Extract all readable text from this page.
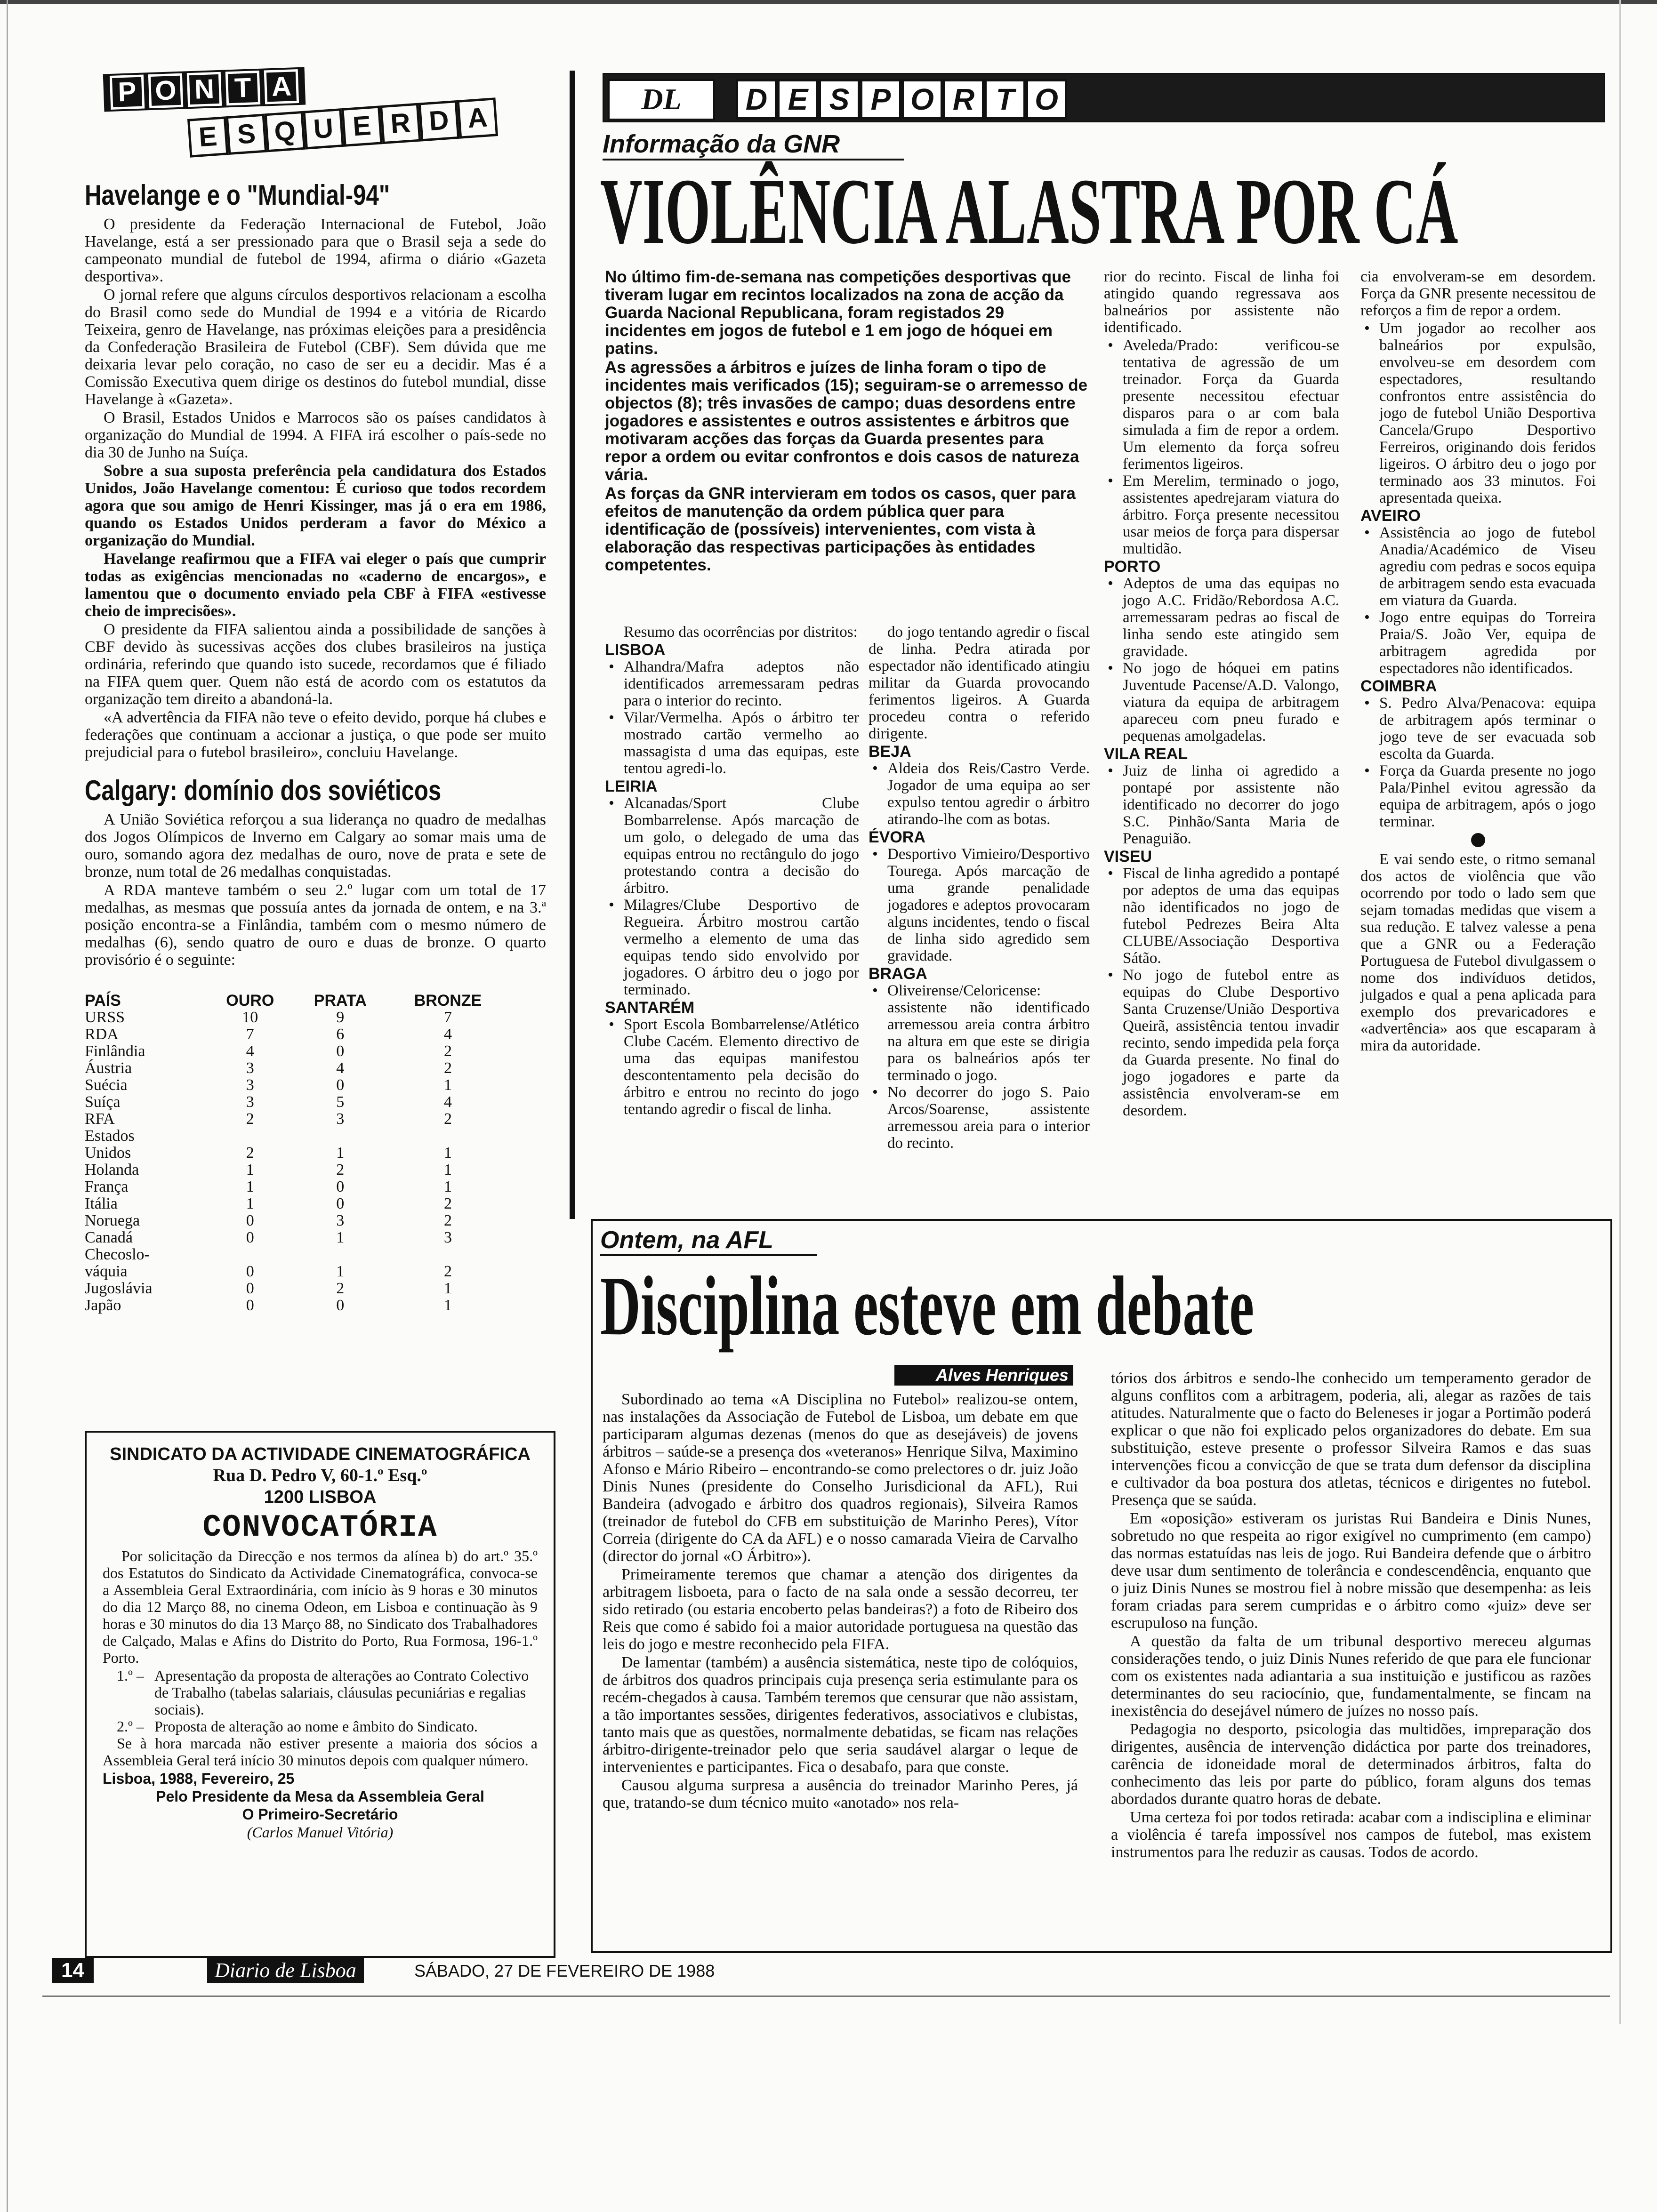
P O N T A
E S Q U E R D A
Havelange e o "Mundial-94"

O presidente da Federação Internacional de Futebol, João Havelange, está a ser pressionado para que o Brasil seja a sede do campeonato mundial de futebol de 1994, afirma o diário «Gazeta desportiva».

O jornal refere que alguns círculos desportivos relacionam a escolha do Brasil como sede do Mundial de 1994 e a vitória de Ricardo Teixeira, genro de Havelange, nas próximas eleições para a presidência da Confederação Brasileira de Futebol (CBF). Sem dúvida que me deixaria levar pelo coração, no caso de ser eu a decidir. Mas é a Comissão Executiva quem dirige os destinos do futebol mundial, disse Havelange à «Gazeta».

O Brasil, Estados Unidos e Marrocos são os países candidatos à organização do Mundial de 1994. A FIFA irá escolher o país-sede no dia 30 de Junho na Suíça.

Sobre a sua suposta preferência pela candidatura dos Estados Unidos, João Havelange comentou: É curioso que todos recordem agora que sou amigo de Henri Kissinger, mas já o era em 1986, quando os Estados Unidos perderam a favor do México a organização do Mundial.

Havelange reafirmou que a FIFA vai eleger o país que cumprir todas as exigências mencionadas no «caderno de encargos», e lamentou que o documento enviado pela CBF à FIFA «estivesse cheio de imprecisões».

O presidente da FIFA salientou ainda a possibilidade de sanções à CBF devido às sucessivas acções dos clubes brasileiros na justiça ordinária, referindo que quando isto sucede, recordamos que é filiado na FIFA quem quer. Quem não está de acordo com os estatutos da organização tem direito a abandoná-la.

«A advertência da FIFA não teve o efeito devido, porque há clubes e federações que continuam a accionar a justiça, o que pode ser muito prejudicial para o futebol brasileiro», concluiu Havelange.

Calgary: domínio dos soviéticos

A União Soviética reforçou a sua liderança no quadro de medalhas dos Jogos Olímpicos de Inverno em Calgary ao somar mais uma de ouro, somando agora dez medalhas de ouro, nove de prata e sete de bronze, num total de 26 medalhas conquistadas.

A RDA manteve também o seu 2.º lugar com um total de 17 medalhas, as mesmas que possuía antes da jornada de ontem, e na 3.ª posição encontra-se a Finlândia, também com o mesmo número de medalhas (6), sendo quatro de ouro e duas de bronze. O quarto provisório é o seguinte:

PAÍS	OURO	PRATA	BRONZE
URSS	10	9	7
RDA	7	6	4
Finlândia	4	0	2
Áustria	3	4	2
Suécia	3	0	1
Suíça	3	5	4
RFA	2	3	2
Estados			
Unidos	2	1	1
Holanda	1	2	1
França	1	0	1
Itália	1	0	2
Noruega	0	3	2
Canadá	0	1	3
Checoslo-			
váquia	0	1	2
Jugoslávia	0	2	1
Japão	0	0	1
SINDICATO DA ACTIVIDADE CINEMATOGRÁFICA
Rua D. Pedro V, 60-1.º Esq.º
1200 LISBOA
CONVOCATÓRIA

Por solicitação da Direcção e nos termos da alínea b) do art.º 35.º dos Estatutos do Sindicato da Actividade Cinematográfica, convoca-se a Assembleia Geral Extraordinária, com início às 9 horas e 30 minutos do dia 12 Março 88, no cinema Odeon, em Lisboa e continuação às 9 horas e 30 minutos do dia 13 Março 88, no Sindicato dos Trabalhadores de Calçado, Malas e Afins do Distrito do Porto, Rua Formosa, 196-1.º Porto.

1.º – Apresentação da proposta de alterações ao Contrato Colectivo de Trabalho (tabelas salariais, cláusulas pecuniárias e regalias sociais).
2.º – Proposta de alteração ao nome e âmbito do Sindicato.

Se à hora marcada não estiver presente a maioria dos sócios a Assembleia Geral terá início 30 minutos depois com qualquer número.

Lisboa, 1988, Fevereiro, 25
Pelo Presidente da Mesa da Assembleia Geral
O Primeiro-Secretário
(Carlos Manuel Vitória)
DL	D E S P O R T O
Informação da GNR
VIOLÊNCIA ALASTRA POR CÁ

No último fim-de-semana nas competições desportivas que tiveram lugar em recintos localizados na zona de acção da Guarda Nacional Republicana, foram registados 29 incidentes em jogos de futebol e 1 em jogo de hóquei em patins.

As agressões a árbitros e juízes de linha foram o tipo de incidentes mais verificados (15); seguiram-se o arremesso de objectos (8); três invasões de campo; duas desordens entre jogadores e assistentes e outros assistentes e árbitros que motivaram acções das forças da Guarda presentes para repor a ordem ou evitar confrontos e dois casos de natureza vária.

As forças da GNR intervieram em todos os casos, quer para efeitos de manutenção da ordem pública quer para identificação de (possíveis) intervenientes, com vista à elaboração das respectivas participações às entidades competentes.

Resumo das ocorrências por distritos:

LISBOA
• Alhandra/Mafra adeptos não identificados arremessaram pedras para o interior do recinto.
• Vilar/Vermelha. Após o árbitro ter mostrado cartão vermelho ao massagista d uma das equipas, este tentou agredi-lo.
LEIRIA
• Alcanadas/Sport Clube Bombarrelense. Após marcação de um golo, o delegado de uma das equipas entrou no rectângulo do jogo protestando contra a decisão do árbitro.
• Milagres/Clube Desportivo de Regueira. Árbitro mostrou cartão vermelho a elemento de uma das equipas tendo sido envolvido por jogadores. O árbitro deu o jogo por terminado.
SANTARÉM
• Sport Escola Bombarrelense/Atlético Clube Cacém. Elemento directivo de uma das equipas manifestou descontentamento pela decisão do árbitro e entrou no recinto do jogo tentando agredir o fiscal de linha.

do jogo tentando agredir o fiscal de linha. Pedra atirada por espectador não identificado atingiu militar da Guarda provocando ferimentos ligeiros. A Guarda procedeu contra o referido dirigente.

BEJA
• Aldeia dos Reis/Castro Verde. Jogador de uma equipa ao ser expulso tentou agredir o árbitro atirando-lhe com as botas.
ÉVORA
• Desportivo Vimieiro/Desportivo Tourega. Após marcação de uma grande penalidade jogadores e adeptos provocaram alguns incidentes, tendo o fiscal de linha sido agredido sem gravidade.
BRAGA
• Oliveirense/Celoricense: assistente não identificado arremessou areia contra árbitro na altura em que este se dirigia para os balneários após ter terminado o jogo.
• No decorrer do jogo S. Paio Arcos/Soarense, assistente arremessou areia para o interior do recinto.

rior do recinto. Fiscal de linha foi atingido quando regressava aos balneários por assistente não identificado.

• Aveleda/Prado: verificou-se tentativa de agressão de um treinador. Força da Guarda presente necessitou efectuar disparos para o ar com bala simulada a fim de repor a ordem. Um elemento da força sofreu ferimentos ligeiros.
• Em Merelim, terminado o jogo, assistentes apedrejaram viatura do árbitro. Força presente necessitou usar meios de força para dispersar multidão.
PORTO
• Adeptos de uma das equipas no jogo A.C. Fridão/Rebordosa A.C. arremessaram pedras ao fiscal de linha sendo este atingido sem gravidade.
• No jogo de hóquei em patins Juventude Pacense/A.D. Valongo, viatura da equipa de arbitragem apareceu com pneu furado e pequenas amolgadelas.
VILA REAL
• Juiz de linha oi agredido a pontapé por assistente não identificado no decorrer do jogo S.C. Pinhão/Santa Maria de Penaguião.
VISEU
• Fiscal de linha agredido a pontapé por adeptos de uma das equipas não identificados no jogo de futebol Pedrezes Beira Alta CLUBE/Associação Desportiva Sátão.
• No jogo de futebol entre as equipas do Clube Desportivo Santa Cruzense/União Desportiva Queirã, assistência tentou invadir recinto, sendo impedida pela força da Guarda presente. No final do jogo jogadores e parte da assistência envolveram-se em desordem.

cia envolveram-se em desordem. Força da GNR presente necessitou de reforços a fim de repor a ordem.

• Um jogador ao recolher aos balneários por expulsão, envolveu-se em desordem com espectadores, resultando confrontos entre assistência do jogo de futebol União Desportiva Cancela/Grupo Desportivo Ferreiros, originando dois feridos ligeiros. O árbitro deu o jogo por terminado aos 33 minutos. Foi apresentada queixa.
AVEIRO
• Assistência ao jogo de futebol Anadia/Académico de Viseu agrediu com pedras e socos equipa de arbitragem sendo esta evacuada em viatura da Guarda.
• Jogo entre equipas do Torreira Praia/S. João Ver, equipa de arbitragem agredida por espectadores não identificados.
COIMBRA
• S. Pedro Alva/Penacova: equipa de arbitragem após terminar o jogo teve de ser evacuada sob escolta da Guarda.
• Força da Guarda presente no jogo Pala/Pinhel evitou agressão da equipa de arbitragem, após o jogo terminar.

E vai sendo este, o ritmo semanal dos actos de violência que vão ocorrendo por todo o lado sem que sejam tomadas medidas que visem a sua redução. E talvez valesse a pena que a GNR ou a Federação Portuguesa de Futebol divulgassem o nome dos indivíduos detidos, julgados e qual a pena aplicada para exemplo dos prevaricadores e «advertência» aos que escaparam à mira da autoridade.

Ontem, na AFL
Disciplina esteve em debate
Alves Henriques

Subordinado ao tema «A Disciplina no Futebol» realizou-se ontem, nas instalações da Associação de Futebol de Lisboa, um debate em que participaram algumas dezenas (menos do que as desejáveis) de jovens árbitros – saúde-se a presença dos «veteranos» Henrique Silva, Maximino Afonso e Mário Ribeiro – encontrando-se como prelectores o dr. juiz João Dinis Nunes (presidente do Conselho Jurisdicional da AFL), Rui Bandeira (advogado e árbitro dos quadros regionais), Silveira Ramos (treinador de futebol do CFB em substituição de Marinho Peres), Vítor Correia (dirigente do CA da AFL) e o nosso camarada Vieira de Carvalho (director do jornal «O Árbitro»).

Primeiramente teremos que chamar a atenção dos dirigentes da arbitragem lisboeta, para o facto de na sala onde a sessão decorreu, ter sido retirado (ou estaria encoberto pelas bandeiras?) a foto de Ribeiro dos Reis que como é sabido foi a maior autoridade portuguesa na questão das leis do jogo e mestre reconhecido pela FIFA.

De lamentar (também) a ausência sistemática, neste tipo de colóquios, de árbitros dos quadros principais cuja presença seria estimulante para os recém-chegados à causa. Também teremos que censurar que não assistam, a tão importantes sessões, dirigentes federativos, associativos e clubistas, tanto mais que as questões, normalmente debatidas, se ficam nas relações árbitro-dirigente-treinador pelo que seria saudável alargar o leque de intervenientes e participantes. Fica o desabafo, para que conste.

Causou alguma surpresa a ausência do treinador Marinho Peres, já que, tratando-se dum técnico muito «anotado» nos rela-

tórios dos árbitros e sendo-lhe conhecido um temperamento gerador de alguns conflitos com a arbitragem, poderia, ali, alegar as razões de tais atitudes. Naturalmente que o facto do Beleneses ir jogar a Portimão poderá explicar o que não foi explicado pelos organizadores do debate. Em sua substituição, esteve presente o professor Silveira Ramos e das suas intervenções ficou a convicção de que se trata dum defensor da disciplina e cultivador da boa postura dos atletas, técnicos e dirigentes no futebol. Presença que se saúda.

Em «oposição» estiveram os juristas Rui Bandeira e Dinis Nunes, sobretudo no que respeita ao rigor exigível no cumprimento (em campo) das normas estatuídas nas leis de jogo. Rui Bandeira defende que o árbitro deve usar dum sentimento de tolerância e condescendência, enquanto que o juiz Dinis Nunes se mostrou fiel à nobre missão que desempenha: as leis foram criadas para serem cumpridas e o árbitro como «juiz» deve ser escrupuloso na função.

A questão da falta de um tribunal desportivo mereceu algumas considerações tendo, o juiz Dinis Nunes referido de que para ele funcionar com os existentes nada adiantaria a sua instituição e justificou as razões determinantes do seu raciocínio, que, fundamentalmente, se fincam na inexistência do desejável número de juízes no nosso país.

Pedagogia no desporto, psicologia das multidões, impreparação dos dirigentes, ausência de intervenção didáctica por parte dos treinadores, carência de idoneidade moral de determinados árbitros, falta do conhecimento das leis por parte do público, foram alguns dos temas abordados durante quatro horas de debate.

Uma certeza foi por todos retirada: acabar com a indisciplina e eliminar a violência é tarefa impossível nos campos de futebol, mas existem instrumentos para lhe reduzir as causas. Todos de acordo.

14	Diario de Lisboa	SÁBADO, 27 DE FEVEREIRO DE 1988
